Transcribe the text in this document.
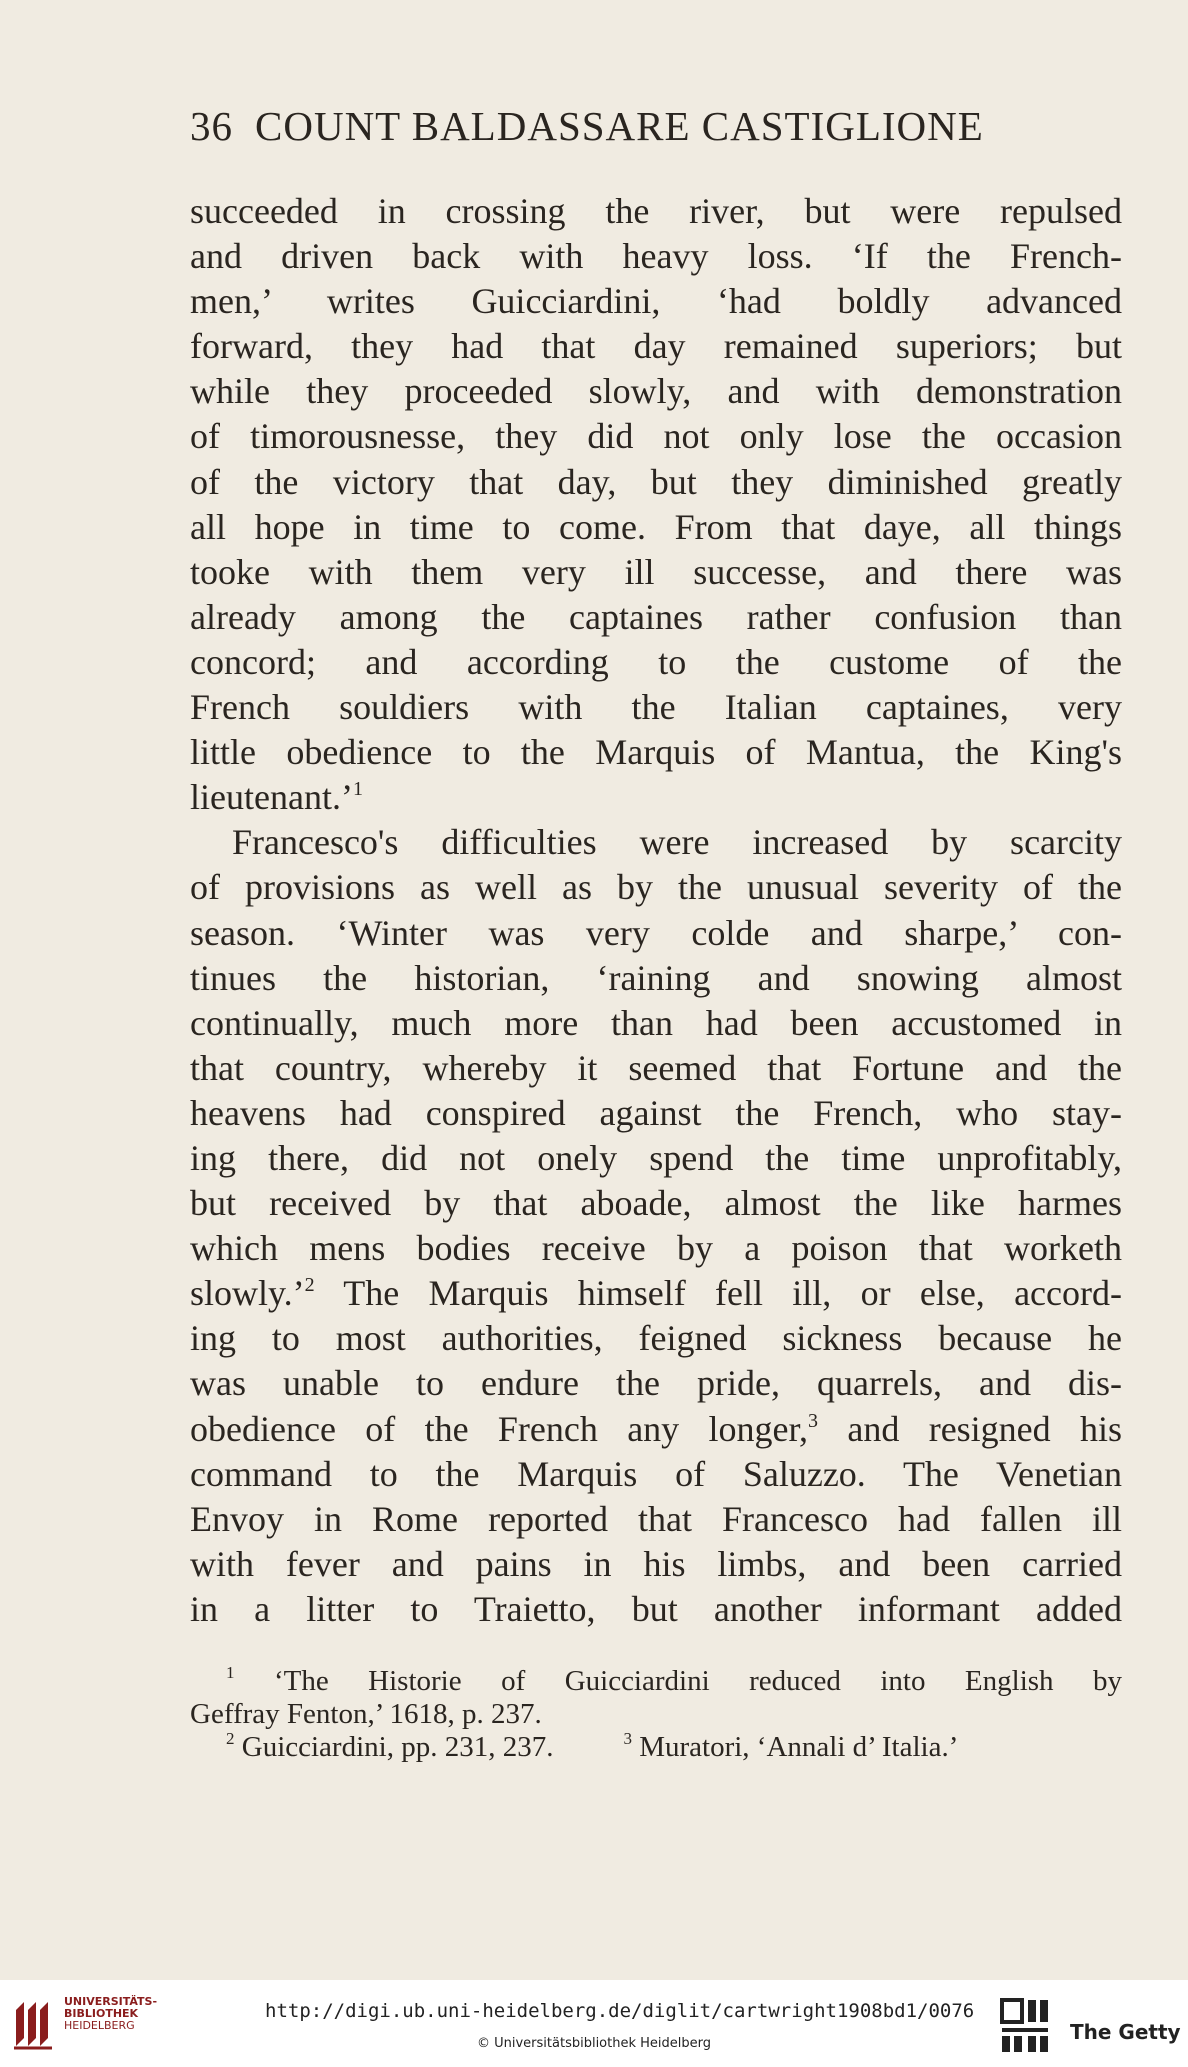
36 COUNT BALDASSARE CASTIGLIONE
succeeded in crossing the river, but were repulsed
and driven back with heavy loss. ‘If the French-
men,’ writes Guicciardini, ‘had boldly advanced
forward, they had that day remained superiors; but
while they proceeded slowly, and with demonstration
of timorousnesse, they did not only lose the occasion
of the victory that day, but they diminished greatly
all hope in time to come. From that daye, all things
tooke with them very ill successe, and there was
already among the captaines rather confusion than
concord; and according to the custome of the
French souldiers with the Italian captaines, very
little obedience to the Marquis of Mantua, the King's
lieutenant.’$^1$
Francesco's difficulties were increased by scarcity
of provisions as well as by the unusual severity of the
season. ‘Winter was very colde and sharpe,’ con-
tinues the historian, ‘raining and snowing almost
continually, much more than had been accustomed in
that country, whereby it seemed that Fortune and the
heavens had conspired against the French, who stay-
ing there, did not onely spend the time unprofitably,
but received by that aboade, almost the like harmes
which mens bodies receive by a poison that worketh
slowly.’$^2$ The Marquis himself fell ill, or else, accord-
ing to most authorities, feigned sickness because he
was unable to endure the pride, quarrels, and dis-
obedience of the French any longer,$^3$ and resigned his
command to the Marquis of Saluzzo. The Venetian
Envoy in Rome reported that Francesco had fallen ill
with fever and pains in his limbs, and been carried
in a litter to Traietto, but another informant added
$^1$ ‘The Historie of Guicciardini reduced into English by
Geffray Fenton,’ 1618, p. 237.
$^2$ Guicciardini, pp. 231, 237.	$^3$ Muratori, ‘Annali d’ Italia.’
UNIVERSITÄTS-
BIBLIOTHEK
HEIDELBERG
http://digi.ub.uni-heidelberg.de/diglit/cartwright1908bd1/0076
© Universitätsbibliothek Heidelberg	The Getty
